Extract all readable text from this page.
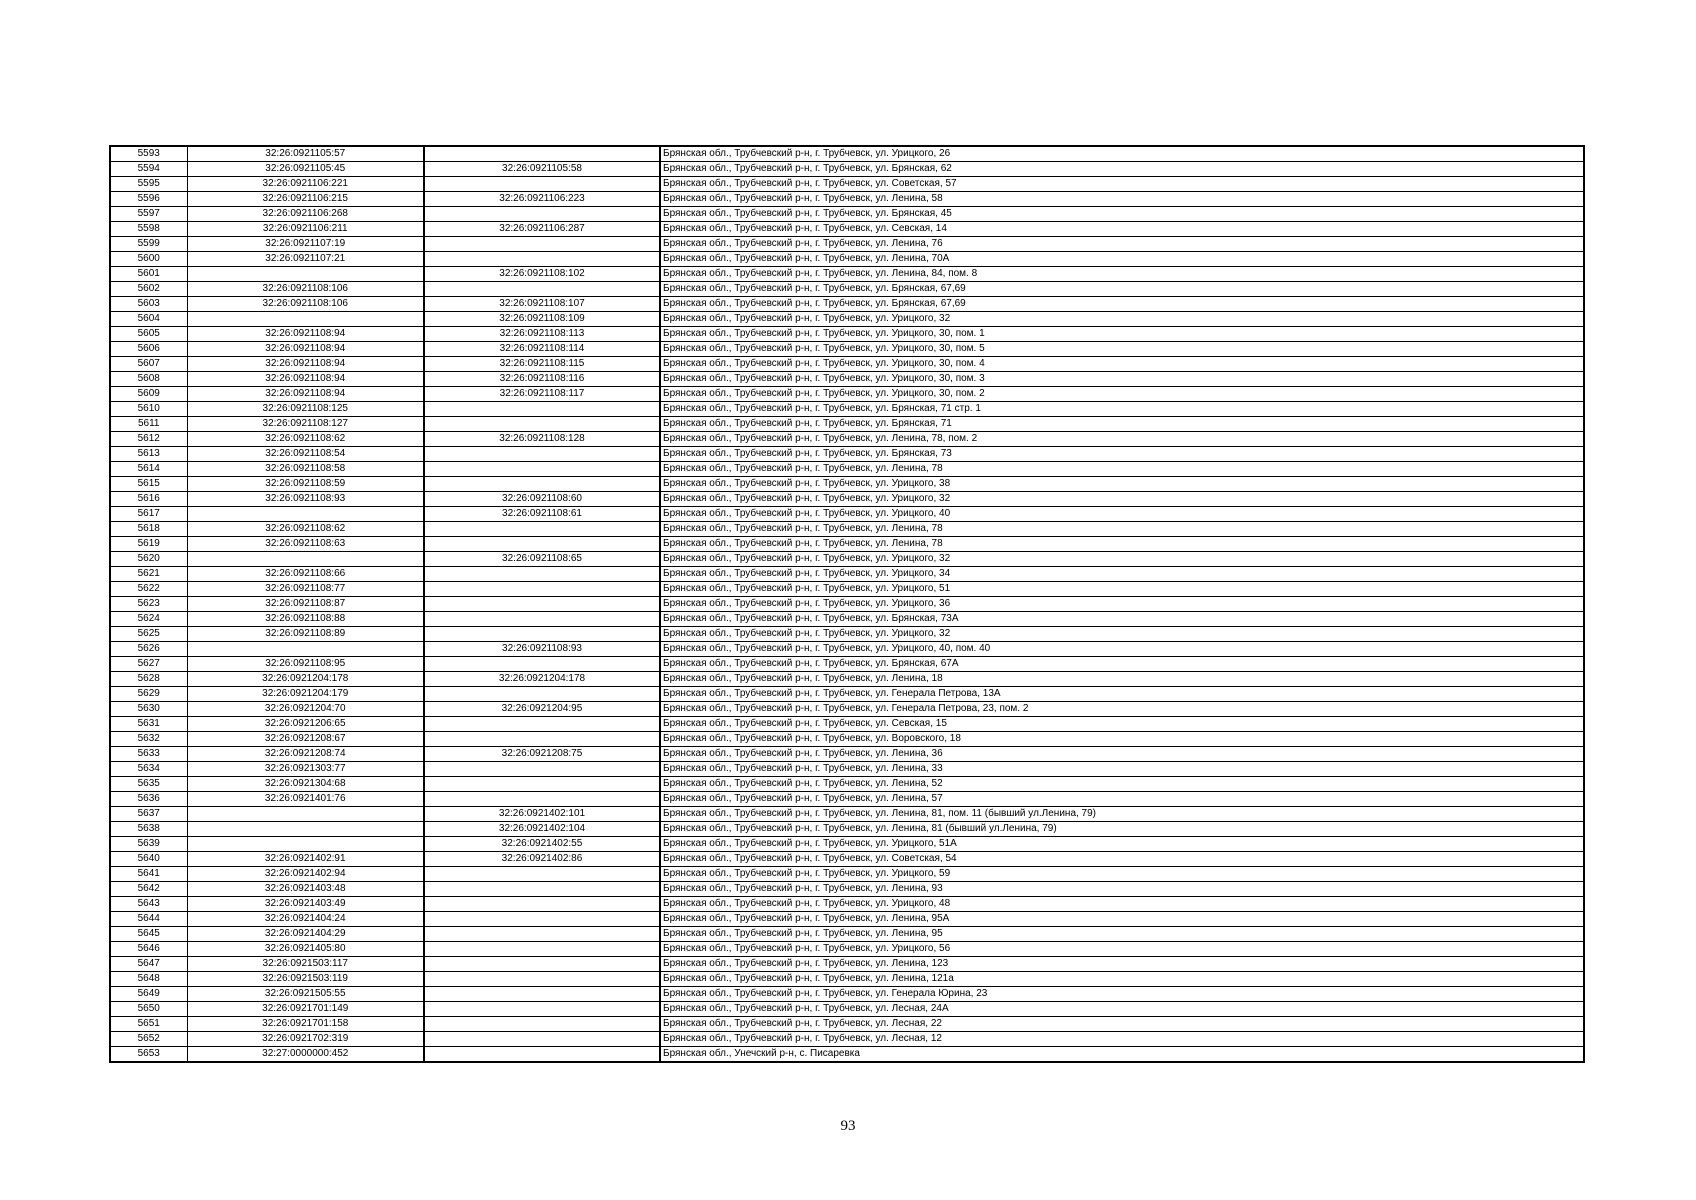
5593	32:26:0921105:57		Брянская обл., Трубчевский р-н, г. Трубчевск, ул. Урицкого, 26
5594	32:26:0921105:45	32:26:0921105:58	Брянская обл., Трубчевский р-н, г. Трубчевск, ул. Брянская, 62
5595	32:26:0921106:221		Брянская обл., Трубчевский р-н, г. Трубчевск, ул. Советская, 57
5596	32:26:0921106:215	32:26:0921106:223	Брянская обл., Трубчевский р-н, г. Трубчевск, ул. Ленина, 58
5597	32:26:0921106:268		Брянская обл., Трубчевский р-н, г. Трубчевск, ул. Брянская, 45
5598	32:26:0921106:211	32:26:0921106:287	Брянская обл., Трубчевский р-н, г. Трубчевск, ул. Севская, 14
5599	32:26:0921107:19		Брянская обл., Трубчевский р-н, г. Трубчевск, ул. Ленина, 76
5600	32:26:0921107:21		Брянская обл., Трубчевский р-н, г. Трубчевск, ул. Ленина, 70А
5601		32:26:0921108:102	Брянская обл., Трубчевский р-н, г. Трубчевск, ул. Ленина, 84, пом. 8
5602	32:26:0921108:106		Брянская обл., Трубчевский р-н, г. Трубчевск, ул. Брянская, 67,69
5603	32:26:0921108:106	32:26:0921108:107	Брянская обл., Трубчевский р-н, г. Трубчевск, ул. Брянская, 67,69
5604		32:26:0921108:109	Брянская обл., Трубчевский р-н, г. Трубчевск, ул. Урицкого, 32
5605	32:26:0921108:94	32:26:0921108:113	Брянская обл., Трубчевский р-н, г. Трубчевск, ул. Урицкого, 30, пом. 1
5606	32:26:0921108:94	32:26:0921108:114	Брянская обл., Трубчевский р-н, г. Трубчевск, ул. Урицкого, 30, пом. 5
5607	32:26:0921108:94	32:26:0921108:115	Брянская обл., Трубчевский р-н, г. Трубчевск, ул. Урицкого, 30, пом. 4
5608	32:26:0921108:94	32:26:0921108:116	Брянская обл., Трубчевский р-н, г. Трубчевск, ул. Урицкого, 30, пом. 3
5609	32:26:0921108:94	32:26:0921108:117	Брянская обл., Трубчевский р-н, г. Трубчевск, ул. Урицкого, 30, пом. 2
5610	32:26:0921108:125		Брянская обл., Трубчевский р-н, г. Трубчевск, ул. Брянская, 71 стр. 1
5611	32:26:0921108:127		Брянская обл., Трубчевский р-н, г. Трубчевск, ул. Брянская, 71
5612	32:26:0921108:62	32:26:0921108:128	Брянская обл., Трубчевский р-н, г. Трубчевск, ул. Ленина, 78, пом. 2
5613	32:26:0921108:54		Брянская обл., Трубчевский р-н, г. Трубчевск, ул. Брянская, 73
5614	32:26:0921108:58		Брянская обл., Трубчевский р-н, г. Трубчевск, ул. Ленина, 78
5615	32:26:0921108:59		Брянская обл., Трубчевский р-н, г. Трубчевск, ул. Урицкого, 38
5616	32:26:0921108:93	32:26:0921108:60	Брянская обл., Трубчевский р-н, г. Трубчевск, ул. Урицкого, 32
5617		32:26:0921108:61	Брянская обл., Трубчевский р-н, г. Трубчевск, ул. Урицкого, 40
5618	32:26:0921108:62		Брянская обл., Трубчевский р-н, г. Трубчевск, ул. Ленина, 78
5619	32:26:0921108:63		Брянская обл., Трубчевский р-н, г. Трубчевск, ул. Ленина, 78
5620		32:26:0921108:65	Брянская обл., Трубчевский р-н, г. Трубчевск, ул. Урицкого, 32
5621	32:26:0921108:66		Брянская обл., Трубчевский р-н, г. Трубчевск, ул. Урицкого, 34
5622	32:26:0921108:77		Брянская обл., Трубчевский р-н, г. Трубчевск, ул. Урицкого, 51
5623	32:26:0921108:87		Брянская обл., Трубчевский р-н, г. Трубчевск, ул. Урицкого, 36
5624	32:26:0921108:88		Брянская обл., Трубчевский р-н, г. Трубчевск, ул. Брянская, 73А
5625	32:26:0921108:89		Брянская обл., Трубчевский р-н, г. Трубчевск, ул. Урицкого, 32
5626		32:26:0921108:93	Брянская обл., Трубчевский р-н, г. Трубчевск, ул. Урицкого, 40, пом. 40
5627	32:26:0921108:95		Брянская обл., Трубчевский р-н, г. Трубчевск, ул. Брянская, 67А
5628	32:26:0921204:178	32:26:0921204:178	Брянская обл., Трубчевский р-н, г. Трубчевск, ул. Ленина, 18
5629	32:26:0921204:179		Брянская обл., Трубчевский р-н, г. Трубчевск, ул. Генерала Петрова, 13А
5630	32:26:0921204:70	32:26:0921204:95	Брянская обл., Трубчевский р-н, г. Трубчевск, ул. Генерала Петрова, 23, пом. 2
5631	32:26:0921206:65		Брянская обл., Трубчевский р-н, г. Трубчевск, ул. Севская, 15
5632	32:26:0921208:67		Брянская обл., Трубчевский р-н, г. Трубчевск, ул. Воровского, 18
5633	32:26:0921208:74	32:26:0921208:75	Брянская обл., Трубчевский р-н, г. Трубчевск, ул. Ленина, 36
5634	32:26:0921303:77		Брянская обл., Трубчевский р-н, г. Трубчевск, ул. Ленина, 33
5635	32:26:0921304:68		Брянская обл., Трубчевский р-н, г. Трубчевск, ул. Ленина, 52
5636	32:26:0921401:76		Брянская обл., Трубчевский р-н, г. Трубчевск, ул. Ленина, 57
5637		32:26:0921402:101	Брянская обл., Трубчевский р-н, г. Трубчевск, ул. Ленина, 81, пом. 11 (бывший ул.Ленина, 79)
5638		32:26:0921402:104	Брянская обл., Трубчевский р-н, г. Трубчевск, ул. Ленина, 81 (бывший ул.Ленина, 79)
5639		32:26:0921402:55	Брянская обл., Трубчевский р-н, г. Трубчевск, ул. Урицкого, 51А
5640	32:26:0921402:91	32:26:0921402:86	Брянская обл., Трубчевский р-н, г. Трубчевск, ул. Советская, 54
5641	32:26:0921402:94		Брянская обл., Трубчевский р-н, г. Трубчевск, ул. Урицкого, 59
5642	32:26:0921403:48		Брянская обл., Трубчевский р-н, г. Трубчевск, ул. Ленина, 93
5643	32:26:0921403:49		Брянская обл., Трубчевский р-н, г. Трубчевск, ул. Урицкого, 48
5644	32:26:0921404:24		Брянская обл., Трубчевский р-н, г. Трубчевск, ул. Ленина, 95А
5645	32:26:0921404:29		Брянская обл., Трубчевский р-н, г. Трубчевск, ул. Ленина, 95
5646	32:26:0921405:80		Брянская обл., Трубчевский р-н, г. Трубчевск, ул. Урицкого, 56
5647	32:26:0921503:117		Брянская обл., Трубчевский р-н, г. Трубчевск, ул. Ленина, 123
5648	32:26:0921503:119		Брянская обл., Трубчевский р-н, г. Трубчевск, ул. Ленина, 121а
5649	32:26:0921505:55		Брянская обл., Трубчевский р-н, г. Трубчевск, ул. Генерала Юрина, 23
5650	32:26:0921701:149		Брянская обл., Трубчевский р-н, г. Трубчевск, ул. Лесная, 24А
5651	32:26:0921701:158		Брянская обл., Трубчевский р-н, г. Трубчевск, ул. Лесная, 22
5652	32:26:0921702:319		Брянская обл., Трубчевский р-н, г. Трубчевск, ул. Лесная, 12
5653	32:27:0000000:452		Брянская обл., Унечский р-н, с. Писаревка
93
